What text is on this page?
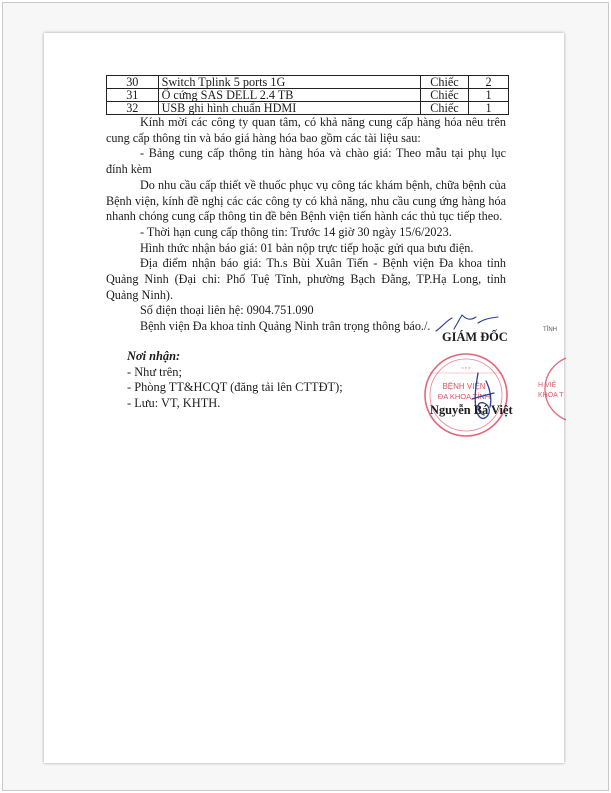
30	Switch Tplink 5 ports 1G	Chiếc	2
31	Ổ cứng SAS DELL 2.4 TB	Chiếc	1
32	USB ghi hình chuẩn HDMI	Chiếc	1

Kính mời các công ty quan tâm, có khả năng cung cấp hàng hóa nêu trên cung cấp thông tin và báo giá hàng hóa bao gồm các tài liệu sau:

- Bảng cung cấp thông tin hàng hóa và chào giá: Theo mẫu tại phụ lục đính kèm

Do nhu cầu cấp thiết về thuốc phục vụ công tác khám bệnh, chữa bệnh của Bệnh viện, kính đề nghị các các công ty có khả năng, nhu cầu cung ứng hàng hóa nhanh chóng cung cấp thông tin đề bên Bệnh viện tiến hành các thủ tục tiếp theo.

- Thời hạn cung cấp thông tin: Trước 14 giờ 30 ngày 15/6/2023.

Hình thức nhận báo giá: 01 bản nộp trực tiếp hoặc gửi qua bưu điện.

Địa điểm nhận báo giá: Th.s Bùi Xuân Tiến - Bệnh viện Đa khoa tỉnh Quảng Ninh (Đại chỉ: Phố Tuệ Tĩnh, phường Bạch Đằng, TP.Hạ Long, tỉnh Quảng Ninh).

Số điện thoại liên hệ: 0904.751.090

Bệnh viện Đa khoa tỉnh Quảng Ninh trân trọng thông báo./.

Nơi nhận:
- Như trên;
- Phòng TT&HCQT (đăng tải lên CTTĐT);
- Lưu: VT, KHTH.
GIÁM ĐỐC
* * *
BỆNH VIỆN
ĐA KHOA TỈNH
H VIỆ
KHOA T
TỈNH
Nguyễn Bá Việt
